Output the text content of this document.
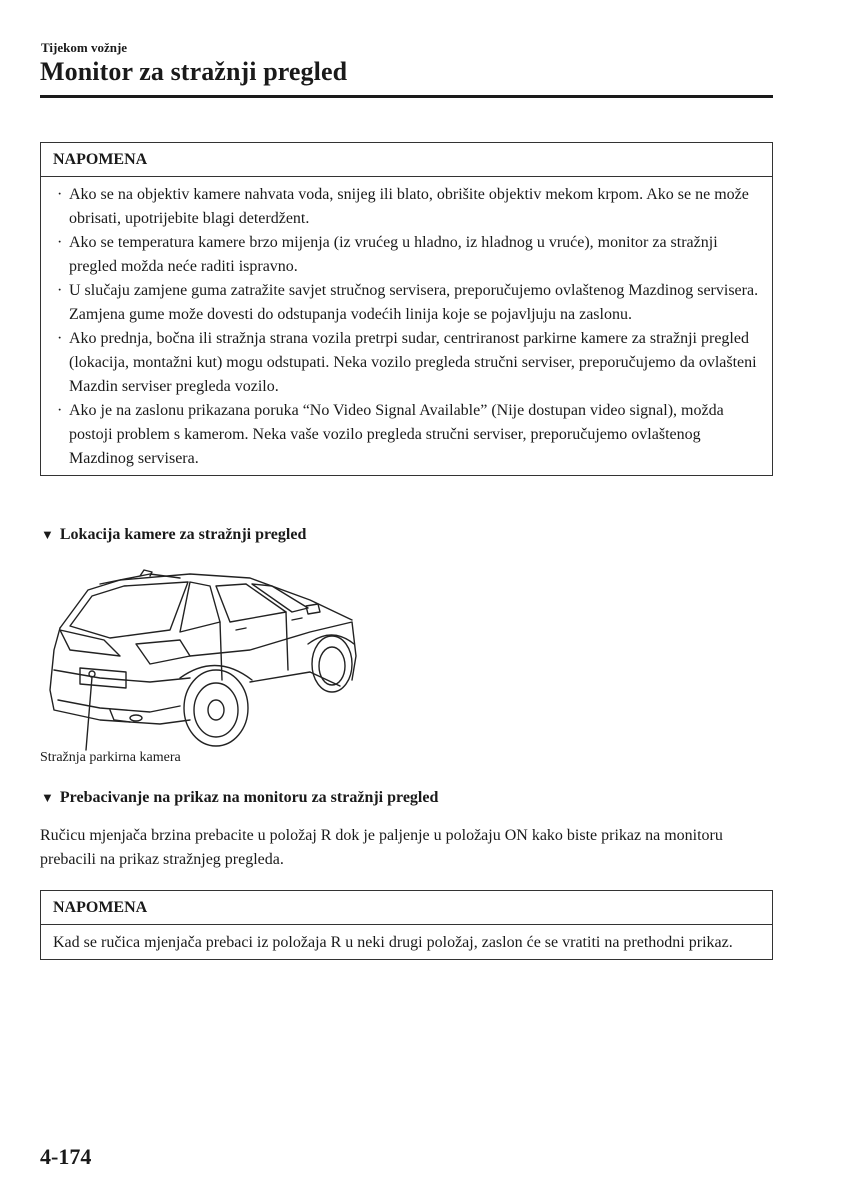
Tijekom vožnje
Monitor za stražnji pregled
NAPOMENA
· Ako se na objektiv kamere nahvata voda, snijeg ili blato, obrišite objektiv mekom krpom. Ako se ne može obrisati, upotrijebite blagi deterdžent.
· Ako se temperatura kamere brzo mijenja (iz vrućeg u hladno, iz hladnog u vruće), monitor za stražnji pregled možda neće raditi ispravno.
· U slučaju zamjene guma zatražite savjet stručnog servisera, preporučujemo ovlaštenog Mazdinog servisera. Zamjena gume može dovesti do odstupanja vodećih linija koje se pojavljuju na zaslonu.
· Ako prednja, bočna ili stražnja strana vozila pretrpi sudar, centriranost parkirne kamere za stražnji pregled (lokacija, montažni kut) mogu odstupati. Neka vozilo pregleda stručni serviser, preporučujemo da ovlašteni Mazdin serviser pregleda vozilo.
· Ako je na zaslonu prikazana poruka “No Video Signal Available” (Nije dostupan video signal), možda postoji problem s kamerom. Neka vaše vozilo pregleda stručni serviser, preporučujemo ovlaštenog Mazdinog servisera.
▼ Lokacija kamere za stražnji pregled
Stražnja parkirna kamera
▼ Prebacivanje na prikaz na monitoru za stražnji pregled
Ručicu mjenjača brzina prebacite u položaj R dok je paljenje u položaju ON kako biste prikaz na monitoru prebacili na prikaz stražnjeg pregleda.
NAPOMENA
Kad se ručica mjenjača prebaci iz položaja R u neki drugi položaj, zaslon će se vratiti na prethodni prikaz.
4-174
